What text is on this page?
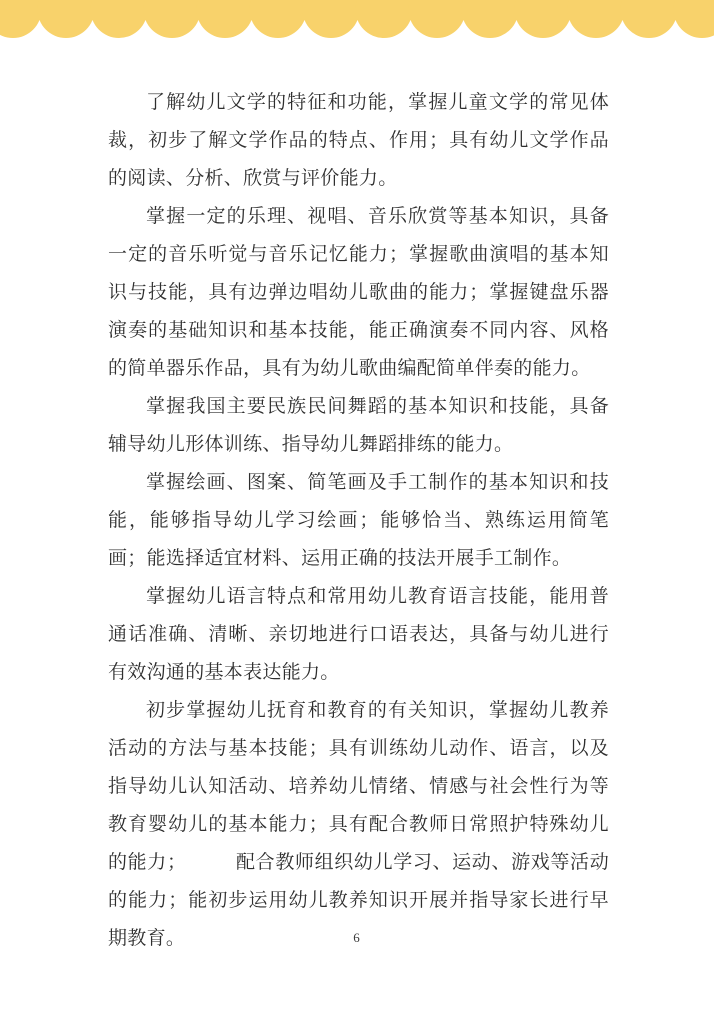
了解幼儿文学的特征和功能，掌握儿童文学的常见体裁，初步了解文学作品的特点、作用；具有幼儿文学作品的阅读、分析、欣赏与评价能力。

掌握一定的乐理、视唱、音乐欣赏等基本知识，具备一定的音乐听觉与音乐记忆能力；掌握歌曲演唱的基本知识与技能，具有边弹边唱幼儿歌曲的能力；掌握键盘乐器演奏的基础知识和基本技能，能正确演奏不同内容、风格的简单器乐作品，具有为幼儿歌曲编配简单伴奏的能力。

掌握我国主要民族民间舞蹈的基本知识和技能，具备辅导幼儿形体训练、指导幼儿舞蹈排练的能力。

掌握绘画、图案、简笔画及手工制作的基本知识和技能，能够指导幼儿学习绘画；能够恰当、熟练运用简笔画；能选择适宜材料、运用正确的技法开展手工制作。

掌握幼儿语言特点和常用幼儿教育语言技能，能用普通话准确、清晰、亲切地进行口语表达，具备与幼儿进行有效沟通的基本表达能力。

初步掌握幼儿抚育和教育的有关知识，掌握幼儿教养活动的方法与基本技能；具有训练幼儿动作、语言，以及指导幼儿认知活动、培养幼儿情绪、情感与社会性行为等教育婴幼儿的基本能力；具有配合教师日常照护特殊幼儿的能力；　　　配合教师组织幼儿学习、运动、游戏等活动的能力；能初步运用幼儿教养知识开展并指导家长进行早期教育。	6
